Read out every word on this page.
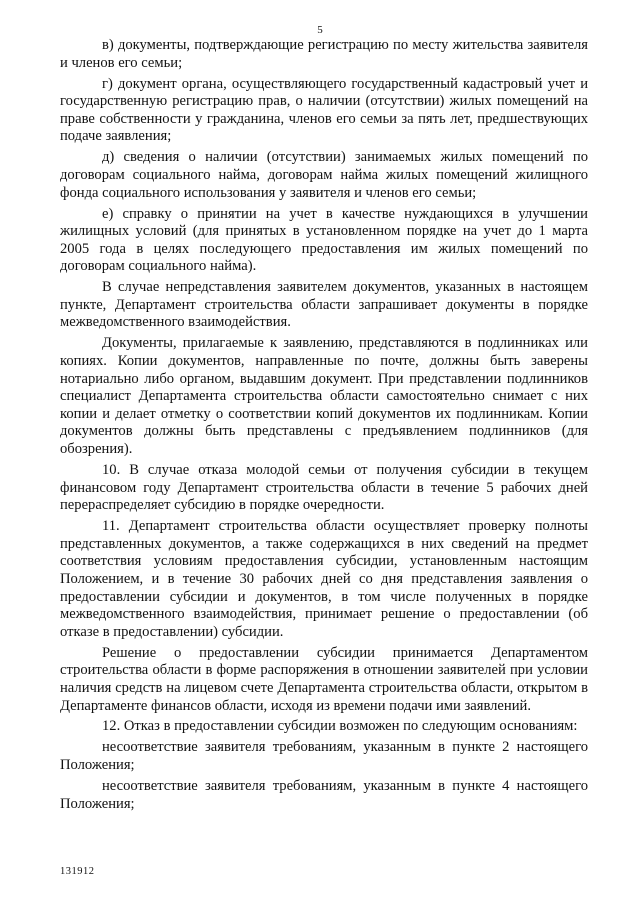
5

в) документы, подтверждающие регистрацию по месту жительства заявителя и членов его семьи;

г) документ органа, осуществляющего государственный кадастровый учет и государственную регистрацию прав, о наличии (отсутствии) жилых помещений на праве собственности у гражданина, членов его семьи за пять лет, предшествующих подаче заявления;

д) сведения о наличии (отсутствии) занимаемых жилых помещений по договорам социального найма, договорам найма жилых помещений жилищного фонда социального использования у заявителя и членов его семьи;

е) справку о принятии на учет в качестве нуждающихся в улучшении жилищных условий (для принятых в установленном порядке на учет до 1 марта 2005 года в целях последующего предоставления им жилых помещений по договорам социального найма).

В случае непредставления заявителем документов, указанных в настоящем пункте, Департамент строительства области запрашивает документы в порядке межведомственного взаимодействия.

Документы, прилагаемые к заявлению, представляются в подлинниках или копиях. Копии документов, направленные по почте, должны быть заверены нотариально либо органом, выдавшим документ. При представлении подлинников специалист Департамента строительства области самостоятельно снимает с них копии и делает отметку о соответствии копий документов их подлинникам. Копии документов должны быть представлены с предъявлением подлинников (для обозрения).

10. В случае отказа молодой семьи от получения субсидии в текущем финансовом году Департамент строительства области в течение 5 рабочих дней перераспределяет субсидию в порядке очередности.

11. Департамент строительства области осуществляет проверку полноты представленных документов, а также содержащихся в них сведений на предмет соответствия условиям предоставления субсидии, установленным настоящим Положением, и в течение 30 рабочих дней со дня представления заявления о предоставлении субсидии и документов, в том числе полученных в порядке межведомственного взаимодействия, принимает решение о предоставлении (об отказе в предоставлении) субсидии.

Решение о предоставлении субсидии принимается Департаментом строительства области в форме распоряжения в отношении заявителей при условии наличия средств на лицевом счете Департамента строительства области, открытом в Департаменте финансов области, исходя из времени подачи ими заявлений.

12. Отказ в предоставлении субсидии возможен по следующим основаниям:

несоответствие заявителя требованиям, указанным в пункте 2 настоящего Положения;

несоответствие заявителя требованиям, указанным в пункте 4 настоящего Положения;

131912
